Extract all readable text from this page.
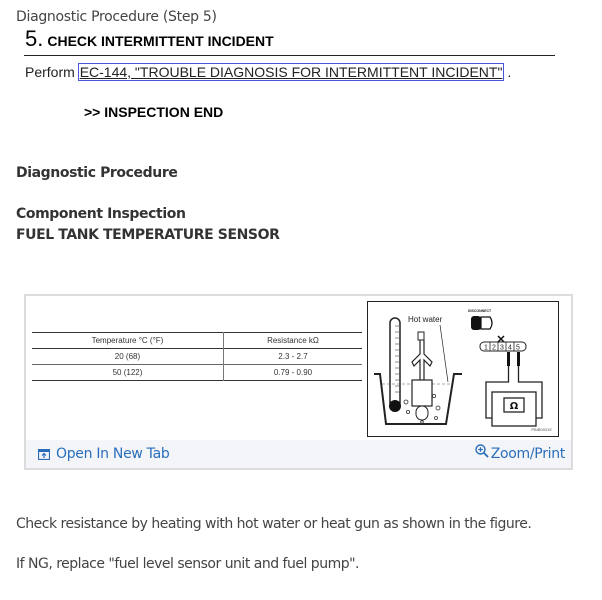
Diagnostic Procedure (Step 5)
5. CHECK INTERMITTENT INCIDENT
Perform EC-144, "TROUBLE DIAGNOSIS FOR INTERMITTENT INCIDENT" .
>> INSPECTION END
Diagnostic Procedure
Component Inspection
FUEL TANK TEMPERATURE SENSOR
Temperature °C (°F)	Resistance kΩ
20 (68)	2.3 - 2.7
50 (122)	0.79 - 0.90
Hot water
DISCONNECT
1 2 3 4 5
Ω
PBIB0931E
Open In New Tab	Zoom/Print
Check resistance by heating with hot water or heat gun as shown in the figure.
If NG, replace "fuel level sensor unit and fuel pump".
